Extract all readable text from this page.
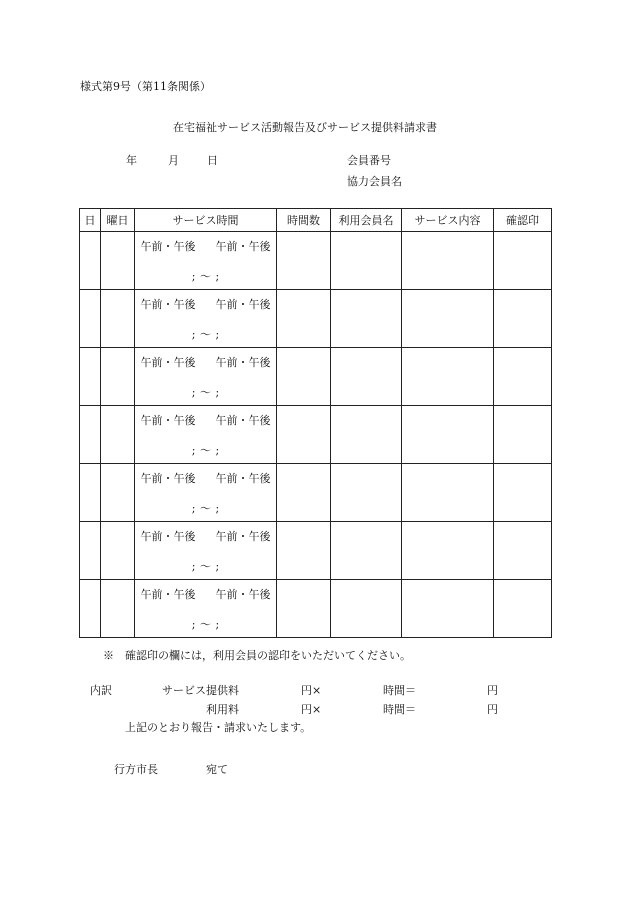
様式第9号（第11条関係）
在宅福祉サービス活動報告及びサービス提供料請求書
年	月	日	会員番号
協力会員名
日	曜日	サービス時間	時間数	利用会員名	サービス内容	確認印

		午前・午後 午前・午後
; 〜 ;				

		午前・午後 午前・午後
; 〜 ;				

		午前・午後 午前・午後
; 〜 ;				

		午前・午後 午前・午後
; 〜 ;				

		午前・午後 午前・午後
; 〜 ;				

		午前・午後 午前・午後
; 〜 ;				

		午前・午後 午前・午後
; 〜 ;				

※　確認印の欄には，利用会員の認印をいただいてください。
内訳	サービス提供料	円×	時間＝	円
利用料	円×	時間＝	円
上記のとおり報告・請求いたします。
行方市長	宛て
